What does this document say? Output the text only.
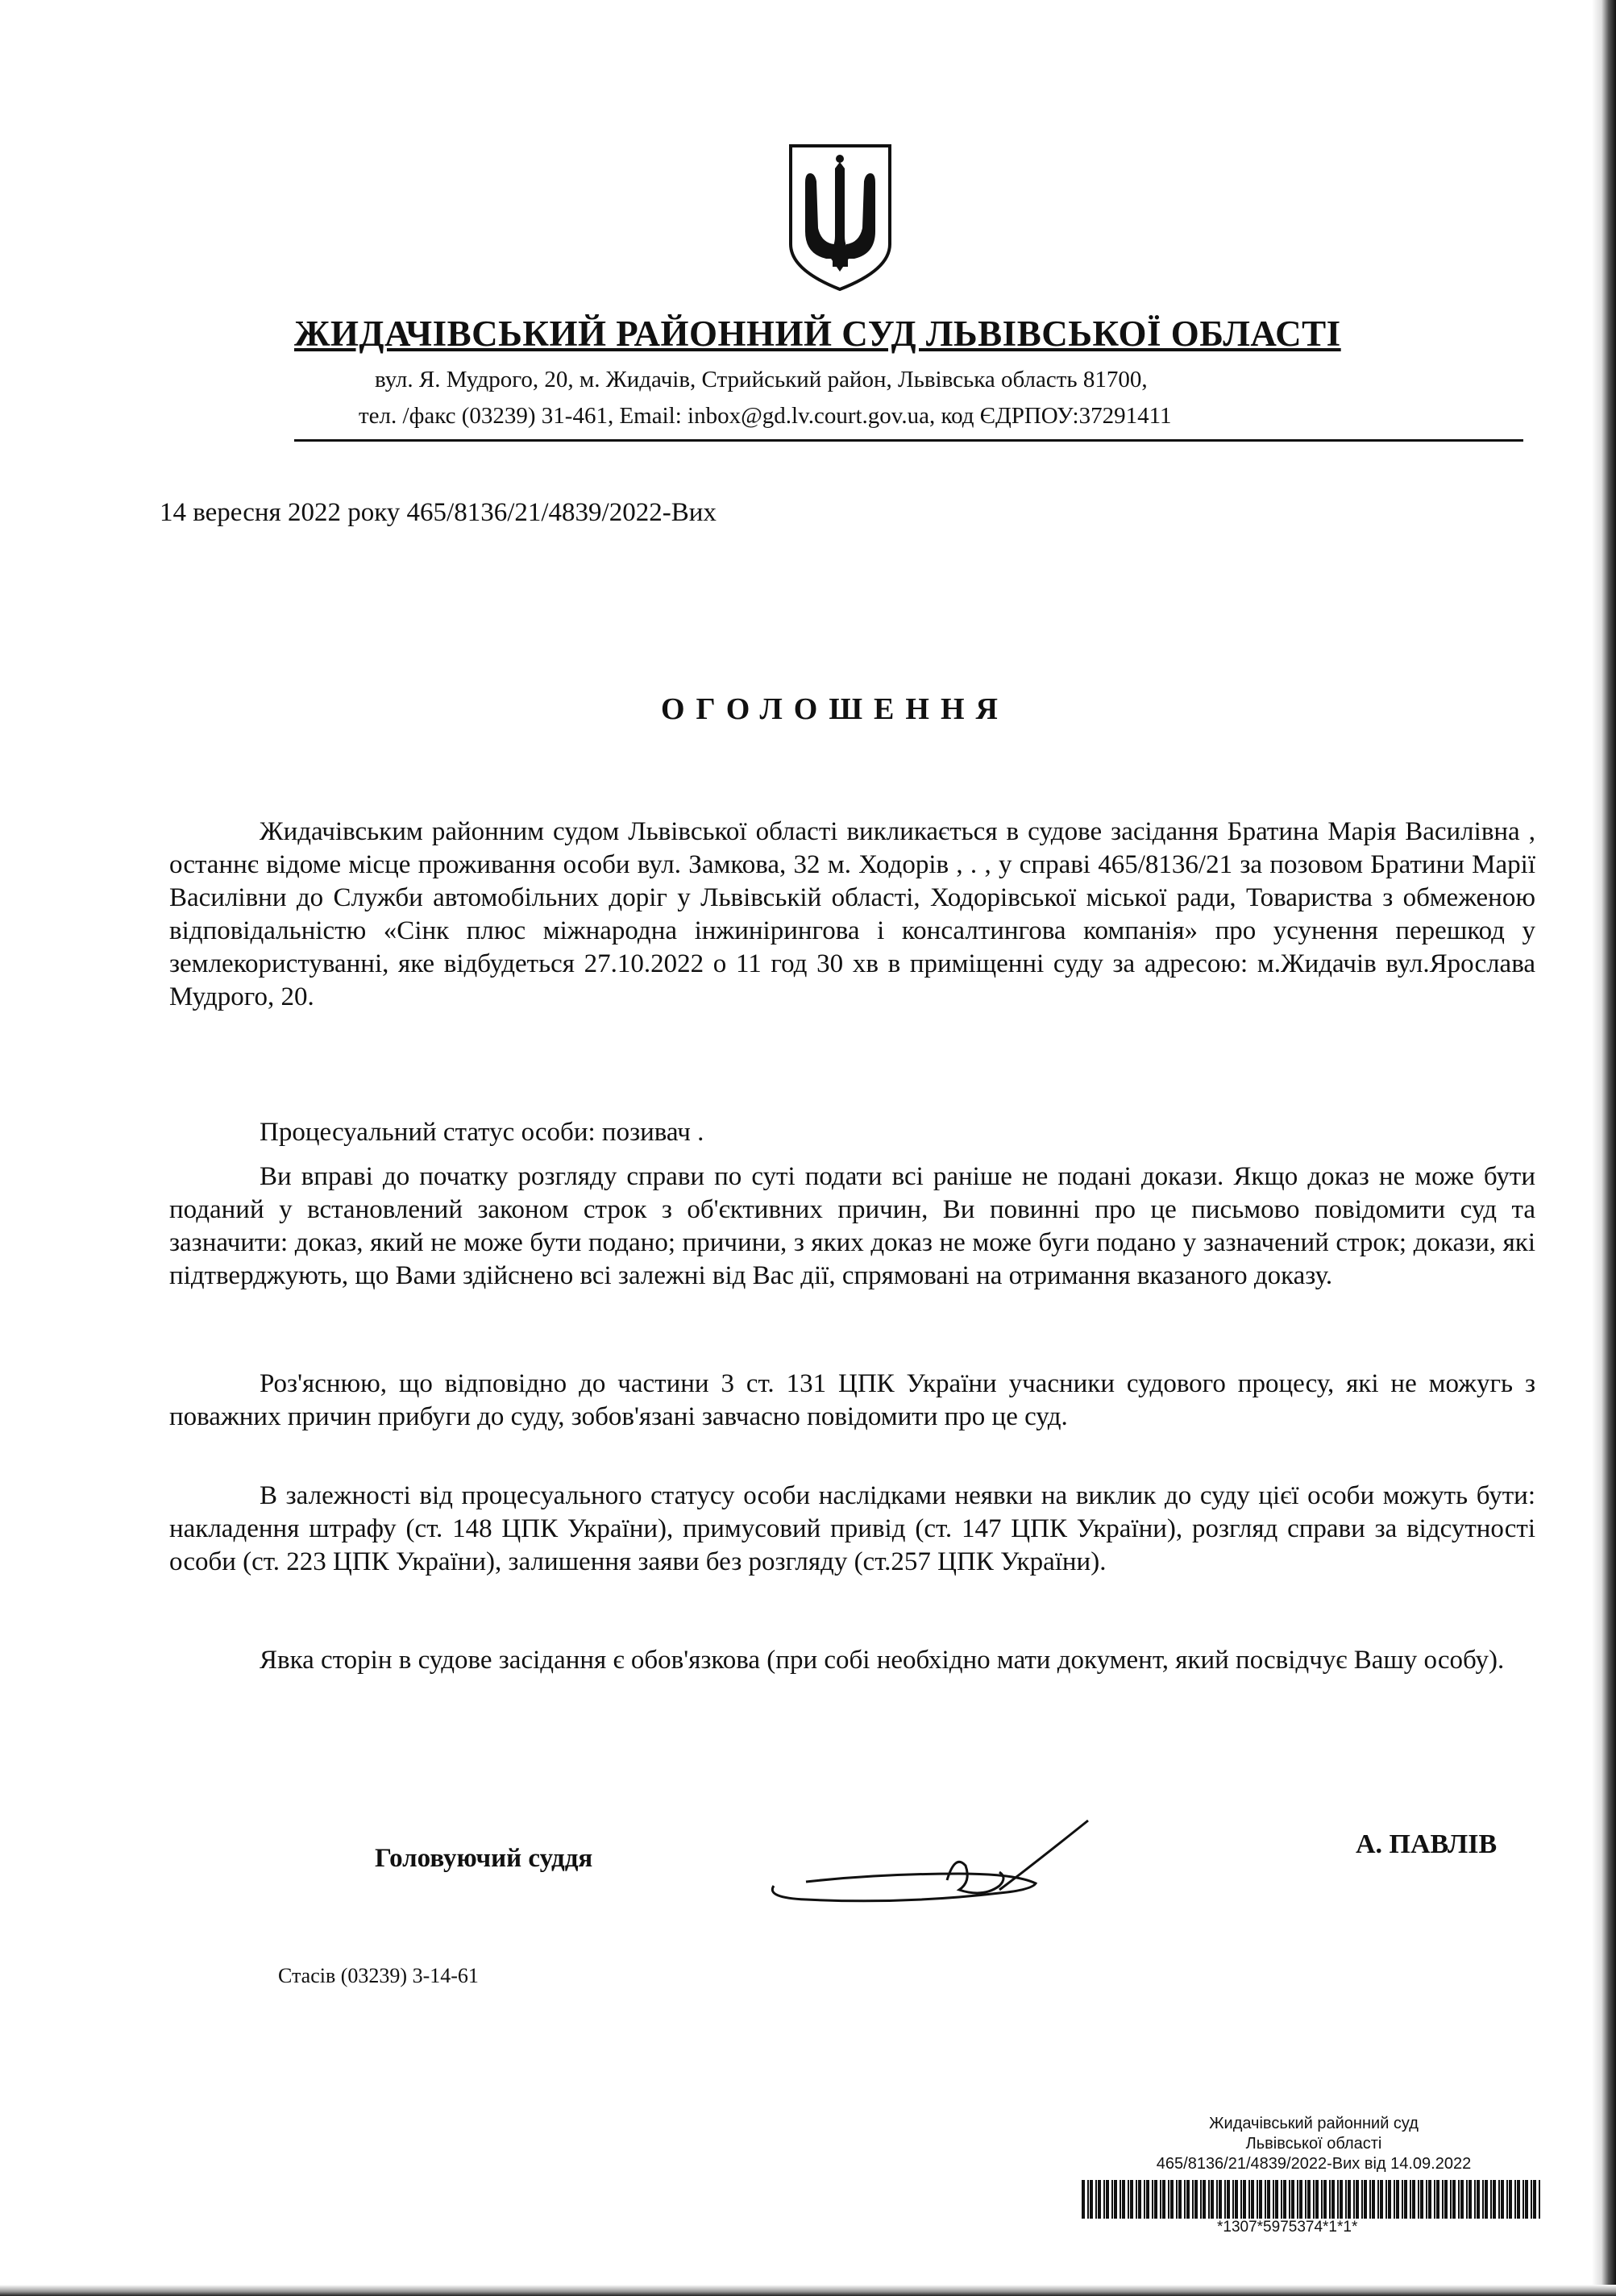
ЖИДАЧІВСЬКИЙ РАЙОННИЙ СУД ЛЬВІВСЬКОЇ ОБЛАСТІ
вул. Я. Мудрого, 20, м. Жидачів, Стрийський район, Львівська область 81700,
тел. /факс (03239) 31-461, Email: inbox@gd.lv.court.gov.ua, код ЄДРПОУ:37291411
14 вересня 2022 року 465/8136/21/4839/2022-Вих
ОГОЛОШЕННЯ
Жидачівським районним судом Львівської області викликається в судове засідання Братина Марія Василівна , останнє відоме місце проживання особи вул. Замкова, 32 м. Ходорів , . , у справі 465/8136/21 за позовом Братини Марії Василівни до Служби автомобільних доріг у Львівській області, Ходорівської міської ради, Товариства з обмеженою відповідальністю «Сінк плюс міжнародна інжинірингова і консалтингова компанія» про усунення перешкод у землекористуванні, яке відбудеться 27.10.2022 о 11 год 30 хв в приміщенні суду за адресою: м.Жидачів вул.Ярослава Мудрого, 20.
Процесуальний статус особи: позивач .
Ви вправі до початку розгляду справи по суті подати всі раніше не подані докази. Якщо доказ не може бути поданий у встановлений законом строк з об'єктивних причин, Ви повинні про це письмово повідомити суд та зазначити: доказ, який не може бути подано; причини, з яких доказ не може буги подано у зазначений строк; докази, які підтверджують, що Вами здійснено всі залежні від Вас дії, спрямовані на отримання вказаного доказу.
Роз'яснюю, що відповідно до частини 3 ст. 131 ЦПК України учасники судового процесу, які не можугь з поважних причин прибуги до суду, зобов'язані завчасно повідомити про це суд.
В залежності від процесуального статусу особи наслідками неявки на виклик до суду цієї особи можуть бути: накладення штрафу (ст. 148 ЦПК України), примусовий привід (ст. 147 ЦПК України), розгляд справи за відсутності особи (ст. 223 ЦПК України), залишення заяви без розгляду (ст.257 ЦПК України).
Явка сторін в судове засідання є обов'язкова (при собі необхідно мати документ, який посвідчує Вашу особу).
Головуючий суддя	А. ПАВЛІВ
Стасів (03239) 3-14-61
Жидачівський районний суд
Львівської області
465/8136/21/4839/2022-Вих від 14.09.2022
*1307*5975374*1*1*
